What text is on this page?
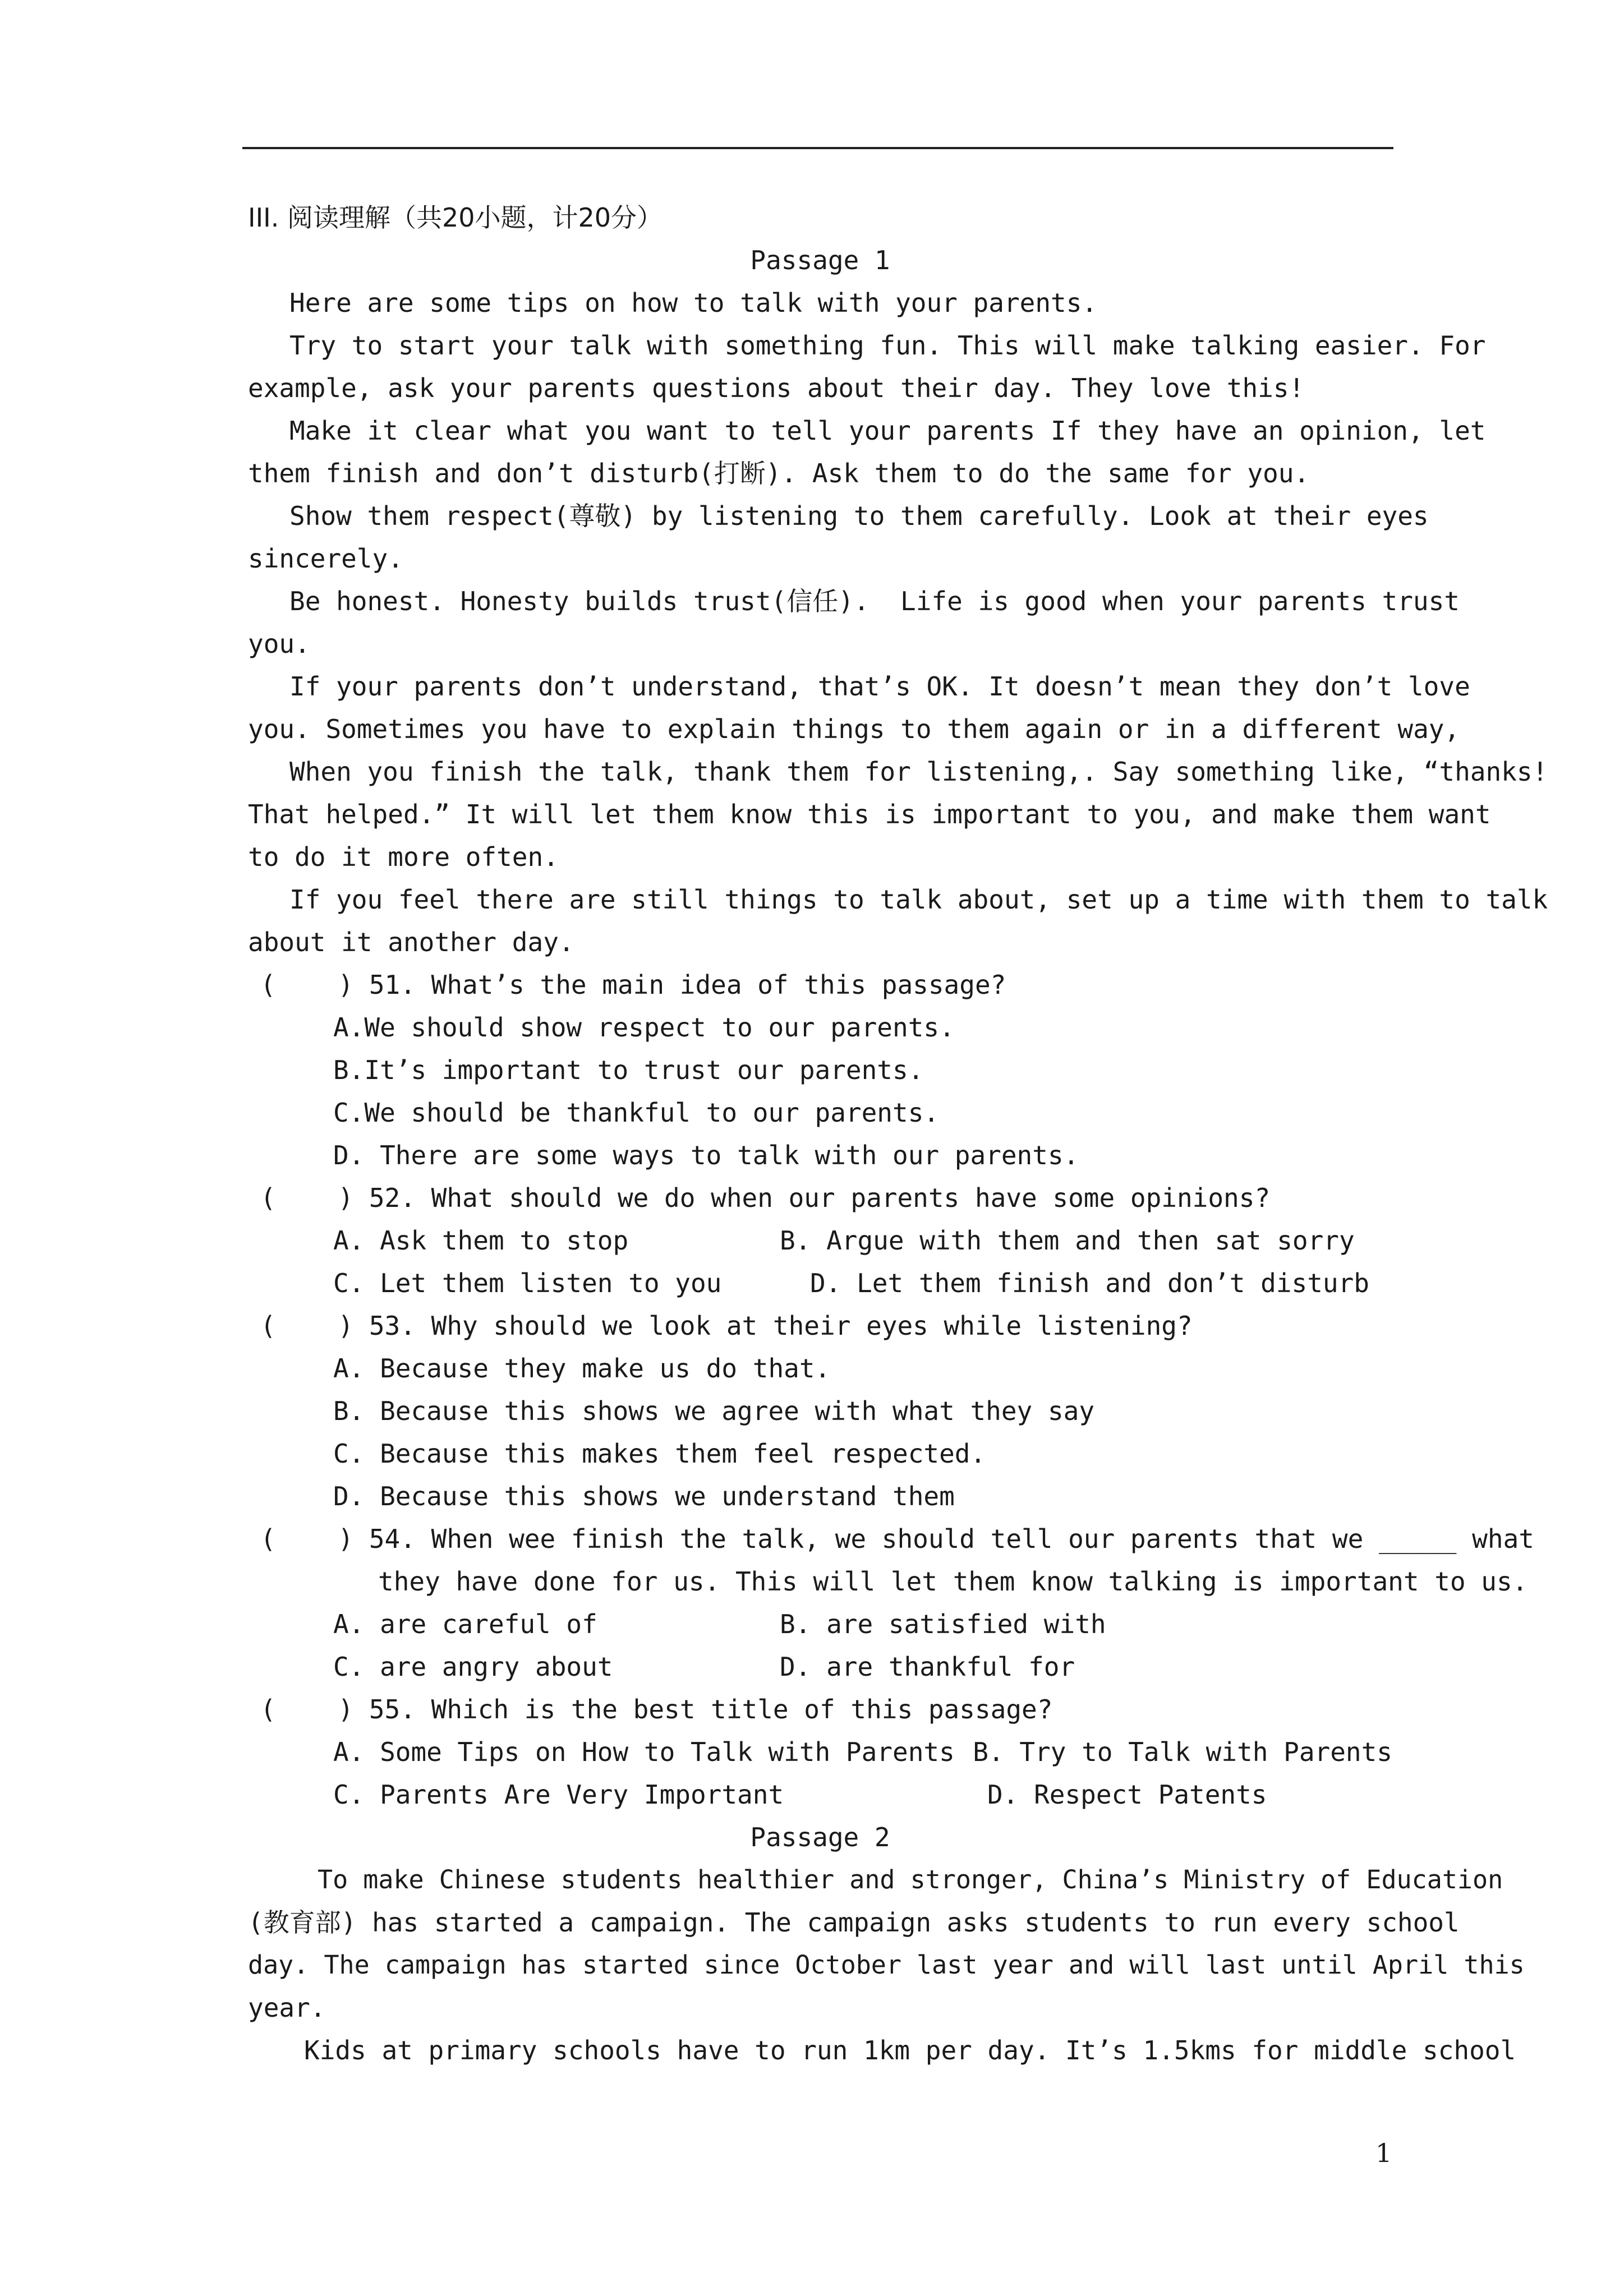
III. 阅读理解（共20小题，计20分）
Passage 1
Here are some tips on how to talk with your parents.
Try to start your talk with something fun. This will make talking easier. For
example, ask your parents questions about their day. They love this!
Make it clear what you want to tell your parents If they have an opinion, let
them finish and don’t disturb(打断). Ask them to do the same for you.
Show them respect(尊敬) by listening to them carefully. Look at their eyes
sincerely.
Be honest. Honesty builds trust(信任).  Life is good when your parents trust
you.
If your parents don’t understand, that’s OK. It doesn’t mean they don’t love
you. Sometimes you have to explain things to them again or in a different way,
When you finish the talk, thank them for listening,. Say something like, “thanks!
That helped.” It will let them know this is important to you, and make them want
to do it more often.
If you feel there are still things to talk about, set up a time with them to talk
about it another day.
(    ) 51. What’s the main idea of this passage?
A.We should show respect to our parents.
B.It’s important to trust our parents.
C.We should be thankful to our parents.
D. There are some ways to talk with our parents.
(    ) 52. What should we do when our parents have some opinions?
A. Ask them to stop	B. Argue with them and then sat sorry
C. Let them listen to you	D. Let them finish and don’t disturb
(    ) 53. Why should we look at their eyes while listening?
A. Because they make us do that.
B. Because this shows we agree with what they say
C. Because this makes them feel respected.
D. Because this shows we understand them
(    ) 54. When wee finish the talk, we should tell our parents that we _____ what
they have done for us. This will let them know talking is important to us.
A. are careful of	B. are satisfied with
C. are angry about	D. are thankful for
(    ) 55. Which is the best title of this passage?
A. Some Tips on How to Talk with Parents B. Try to Talk with Parents
C. Parents Are Very Important	D. Respect Patents
Passage 2
To make Chinese students healthier and stronger, China’s Ministry of Education
(教育部) has started a campaign. The campaign asks students to run every school
day. The campaign has started since October last year and will last until April this
year.
Kids at primary schools have to run 1km per day. It’s 1.5kms for middle school
1
